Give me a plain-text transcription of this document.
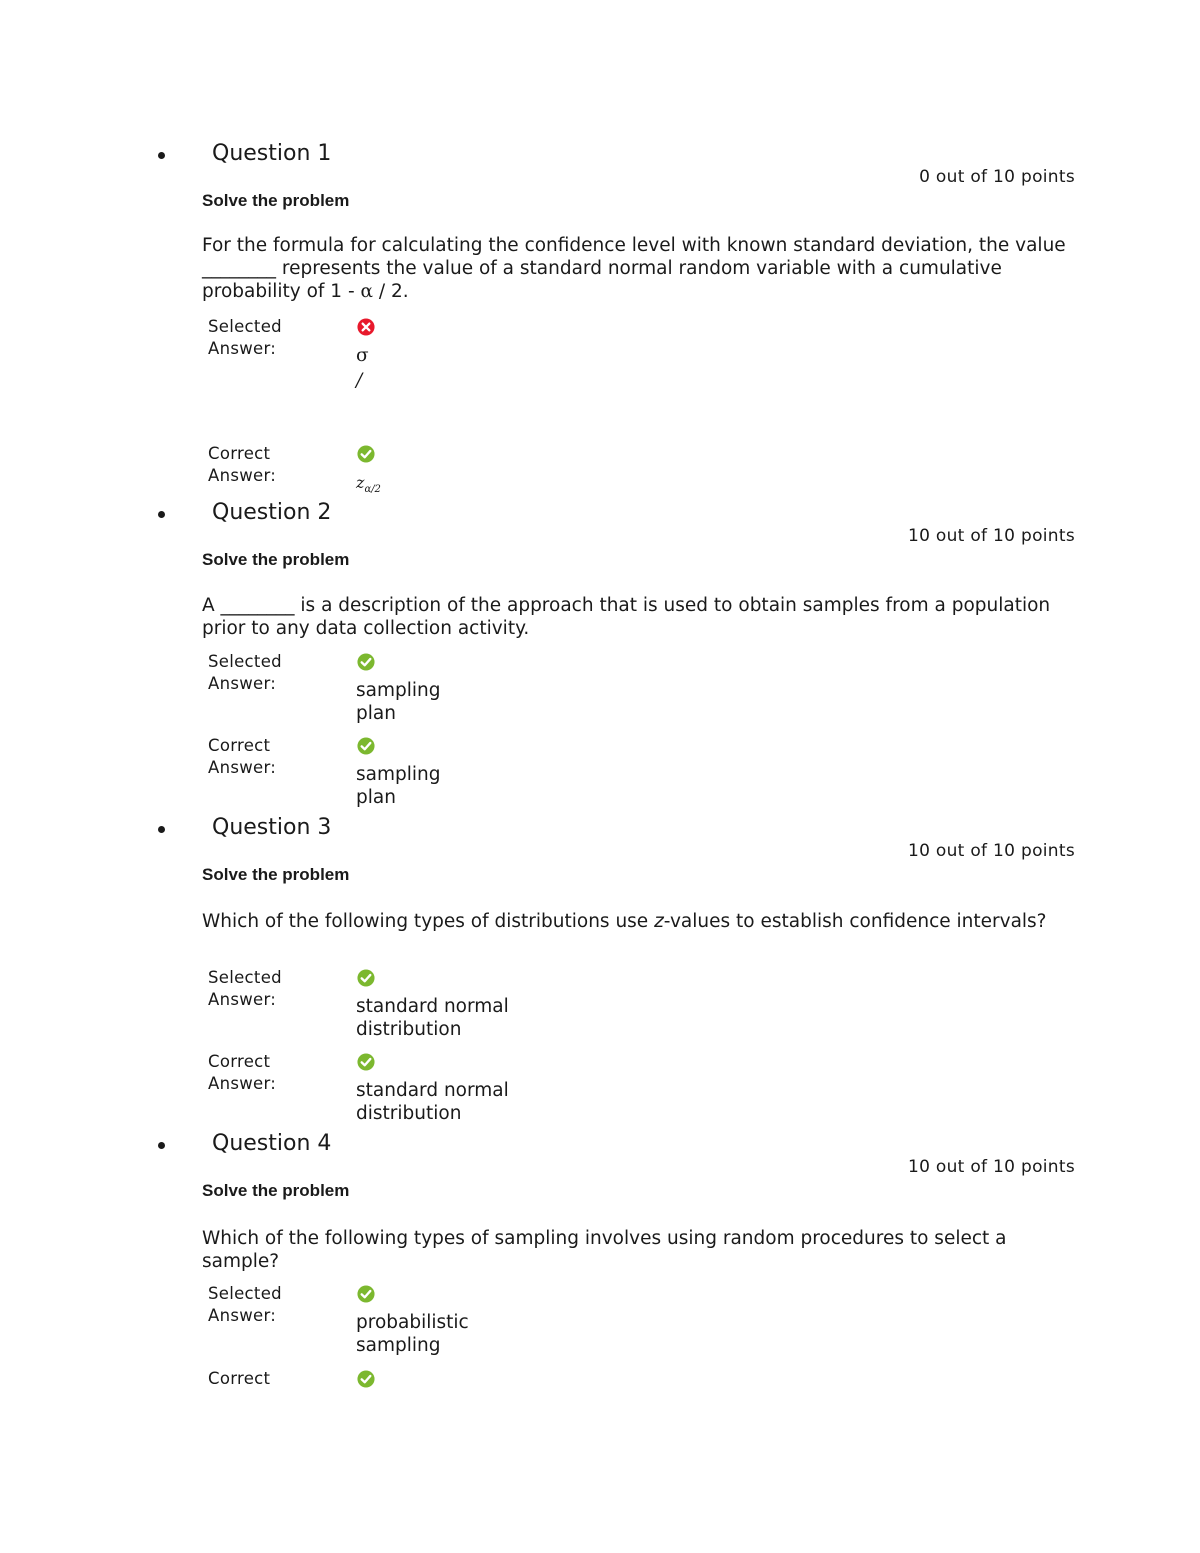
Question 1
0 out of 10 points
Solve the problem
For the formula for calculating the confidence level with known standard deviation, the value ________ represents the value of a standard normal random variable with a cumulative probability of 1 - α / 2.
Selected
Answer:	σ
/
Correct
Answer:	$z_{\alpha/2}$
Question 2
10 out of 10 points
Solve the problem
A ________ is a description of the approach that is used to obtain samples from a population prior to any data collection activity.
Selected
Answer:	sampling
plan
Correct
Answer:	sampling
plan
Question 3
10 out of 10 points
Solve the problem
Which of the following types of distributions use z-values to establish confidence intervals?
Selected
Answer:	standard normal
distribution
Correct
Answer:	standard normal
distribution
Question 4
10 out of 10 points
Solve the problem
Which of the following types of sampling involves using random procedures to select a sample?
Selected
Answer:	probabilistic
sampling
Correct
